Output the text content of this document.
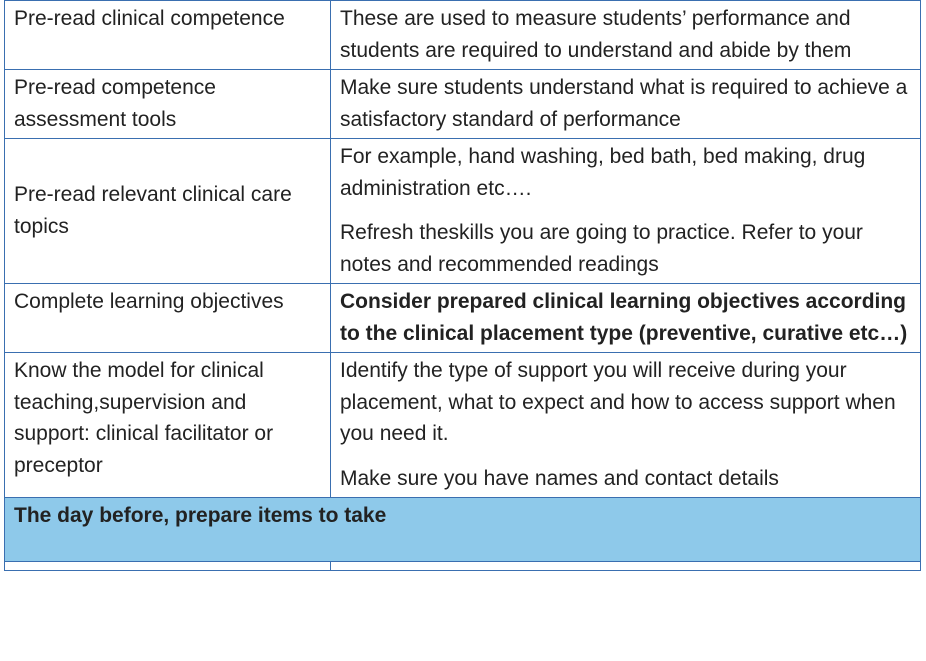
Pre-read clinical competence	These are used to measure students’ performance and students are required to understand and abide by them

Pre-read competence assessment tools	Make sure students understand what is required to achieve a satisfactory standard of performance

Pre-read relevant clinical care topics	For example, hand washing, bed bath, bed making, drug administration etc….
Refresh theskills you are going to practice. Refer to your notes and recommended readings

Complete learning objectives	Consider prepared clinical learning objectives according to the clinical placement type (preventive, curative etc…)

Know the model for clinical teaching,supervision and support: clinical facilitator or preceptor	Identify the type of support you will receive during your placement, what to expect and how to access support when you need it.
Make sure you have names and contact details

The day before, prepare items to take	
